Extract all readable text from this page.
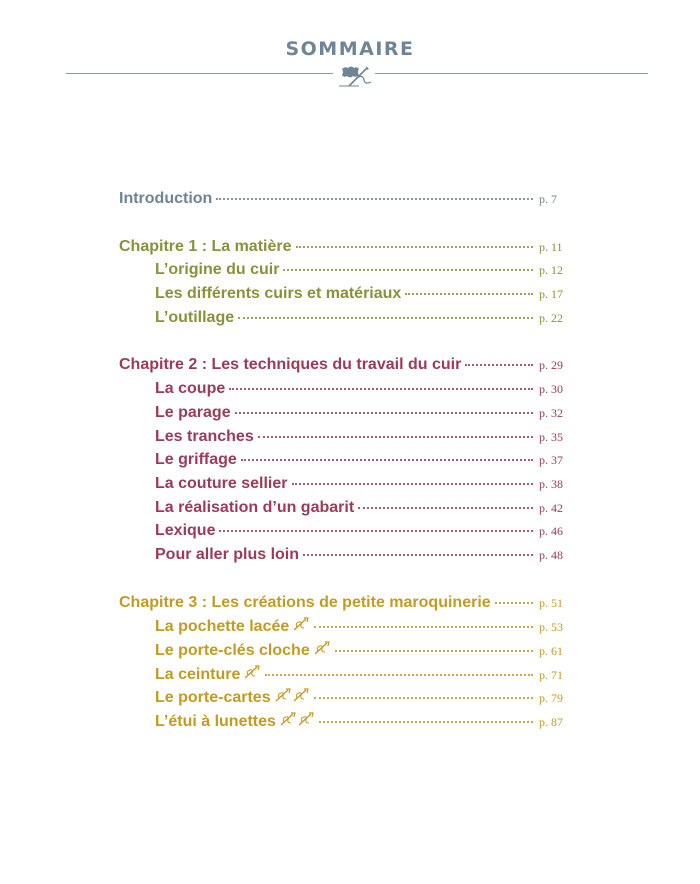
SOMMAIRE
Introduction	p. 7
Chapitre 1 : La matière	p. 11
L’origine du cuir	p. 12
Les différents cuirs et matériaux	p. 17
L’outillage	p. 22
Chapitre 2 : Les techniques du travail du cuir	p. 29
La coupe	p. 30
Le parage	p. 32
Les tranches	p. 35
Le griffage	p. 37
La couture sellier	p. 38
La réalisation d’un gabarit	p. 42
Lexique	p. 46
Pour aller plus loin	p. 48
Chapitre 3 : Les créations de petite maroquinerie	p. 51
La pochette lacée	p. 53
Le porte-clés cloche	p. 61
La ceinture	p. 71
Le porte-cartes	p. 79
L’étui à lunettes	p. 87
